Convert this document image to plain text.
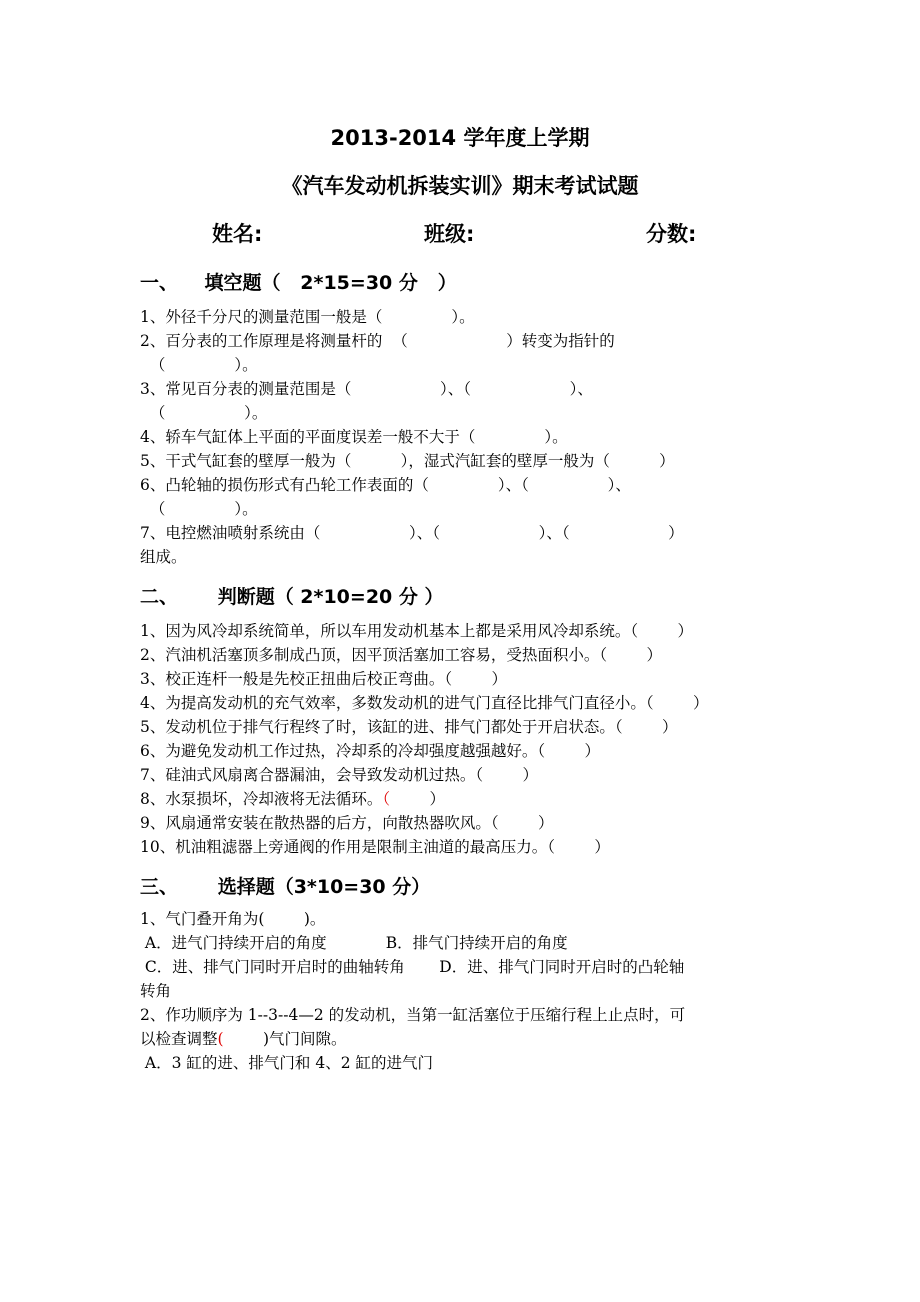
2013-2014 学年度上学期
《汽车发动机拆装实训》期末考试试题
姓名:	班级:	分数:
一、    填空题（   2*15=30 分   ）
1、外径千分尺的测量范围一般是（              ）。
2、百分表的工作原理是将测量杆的  （                    ）转变为指针的
（              ）。
3、常见百分表的测量范围是（                  ）、（                    ）、
（                ）。
4、轿车气缸体上平面的平面度误差一般不大于（              ）。
5、干式气缸套的壁厚一般为（          ），湿式汽缸套的壁厚一般为（          ）
6、凸轮轴的损伤形式有凸轮工作表面的（              ）、（                ）、
（              ）。
7、电控燃油喷射系统由（                  ）、（                    ）、（                    ）
组成。
二、      判断题（ 2*10=20 分 ）
1、因为风冷却系统简单，所以车用发动机基本上都是采用风冷却系统。（        ）
2、汽油机活塞顶多制成凸顶，因平顶活塞加工容易，受热面积小。（        ）
3、校正连杆一般是先校正扭曲后校正弯曲。（        ）
4、为提高发动机的充气效率，多数发动机的进气门直径比排气门直径小。（        ）
5、发动机位于排气行程终了时，该缸的进、排气门都处于开启状态。（        ）
6、为避免发动机工作过热，冷却系的冷却强度越强越好。（        ）
7、硅油式风扇离合器漏油，会导致发动机过热。（        ）
8、水泵损坏，冷却液将无法循环。（        ）
9、风扇通常安装在散热器的后方，向散热器吹风。（        ）
10、机油粗滤器上旁通阀的作用是限制主油道的最高压力。（        ）
三、      选择题（3*10=30 分）
1、气门叠开角为(        )。
A．进气门持续开启的角度            B．排气门持续开启的角度
C．进、排气门同时开启时的曲轴转角       D．进、排气门同时开启时的凸轮轴
转角
2、作功顺序为 1--3--4—2 的发动机，当第一缸活塞位于压缩行程上止点时，可
以检查调整(        )气门间隙。
A．3 缸的进、排气门和 4、2 缸的进气门
